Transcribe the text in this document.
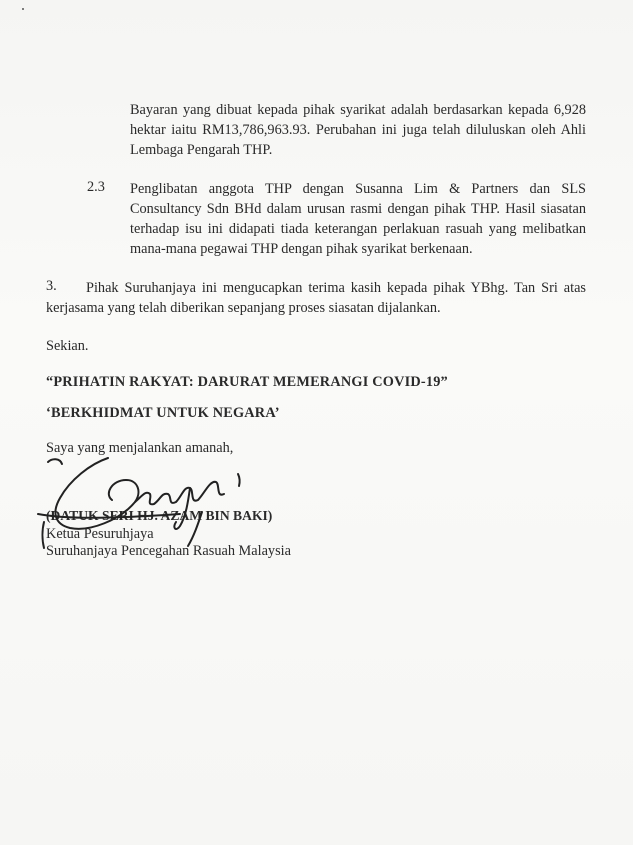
Bayaran yang dibuat kepada pihak syarikat adalah berdasarkan kepada 6,928 hektar iaitu RM13,786,963.93. Perubahan ini juga telah diluluskan oleh Ahli Lembaga Pengarah THP.

2.3 Penglibatan anggota THP dengan Susanna Lim & Partners dan SLS Consultancy Sdn BHd dalam urusan rasmi dengan pihak THP. Hasil siasatan terhadap isu ini didapati tiada keterangan perlakuan rasuah yang melibatkan mana-mana pegawai THP dengan pihak syarikat berkenaan.

3.	Pihak Suruhanjaya ini mengucapkan terima kasih kepada pihak YBhg. Tan Sri atas kerjasama yang telah diberikan sepanjang proses siasatan dijalankan.

Sekian.
“PRIHATIN RAKYAT: DARURAT MEMERANGI COVID-19”
‘BERKHIDMAT UNTUK NEGARA’
Saya yang menjalankan amanah,
(DATUK SERI HJ. AZAM BIN BAKI)
Ketua Pesuruhjaya
Suruhanjaya Pencegahan Rasuah Malaysia
